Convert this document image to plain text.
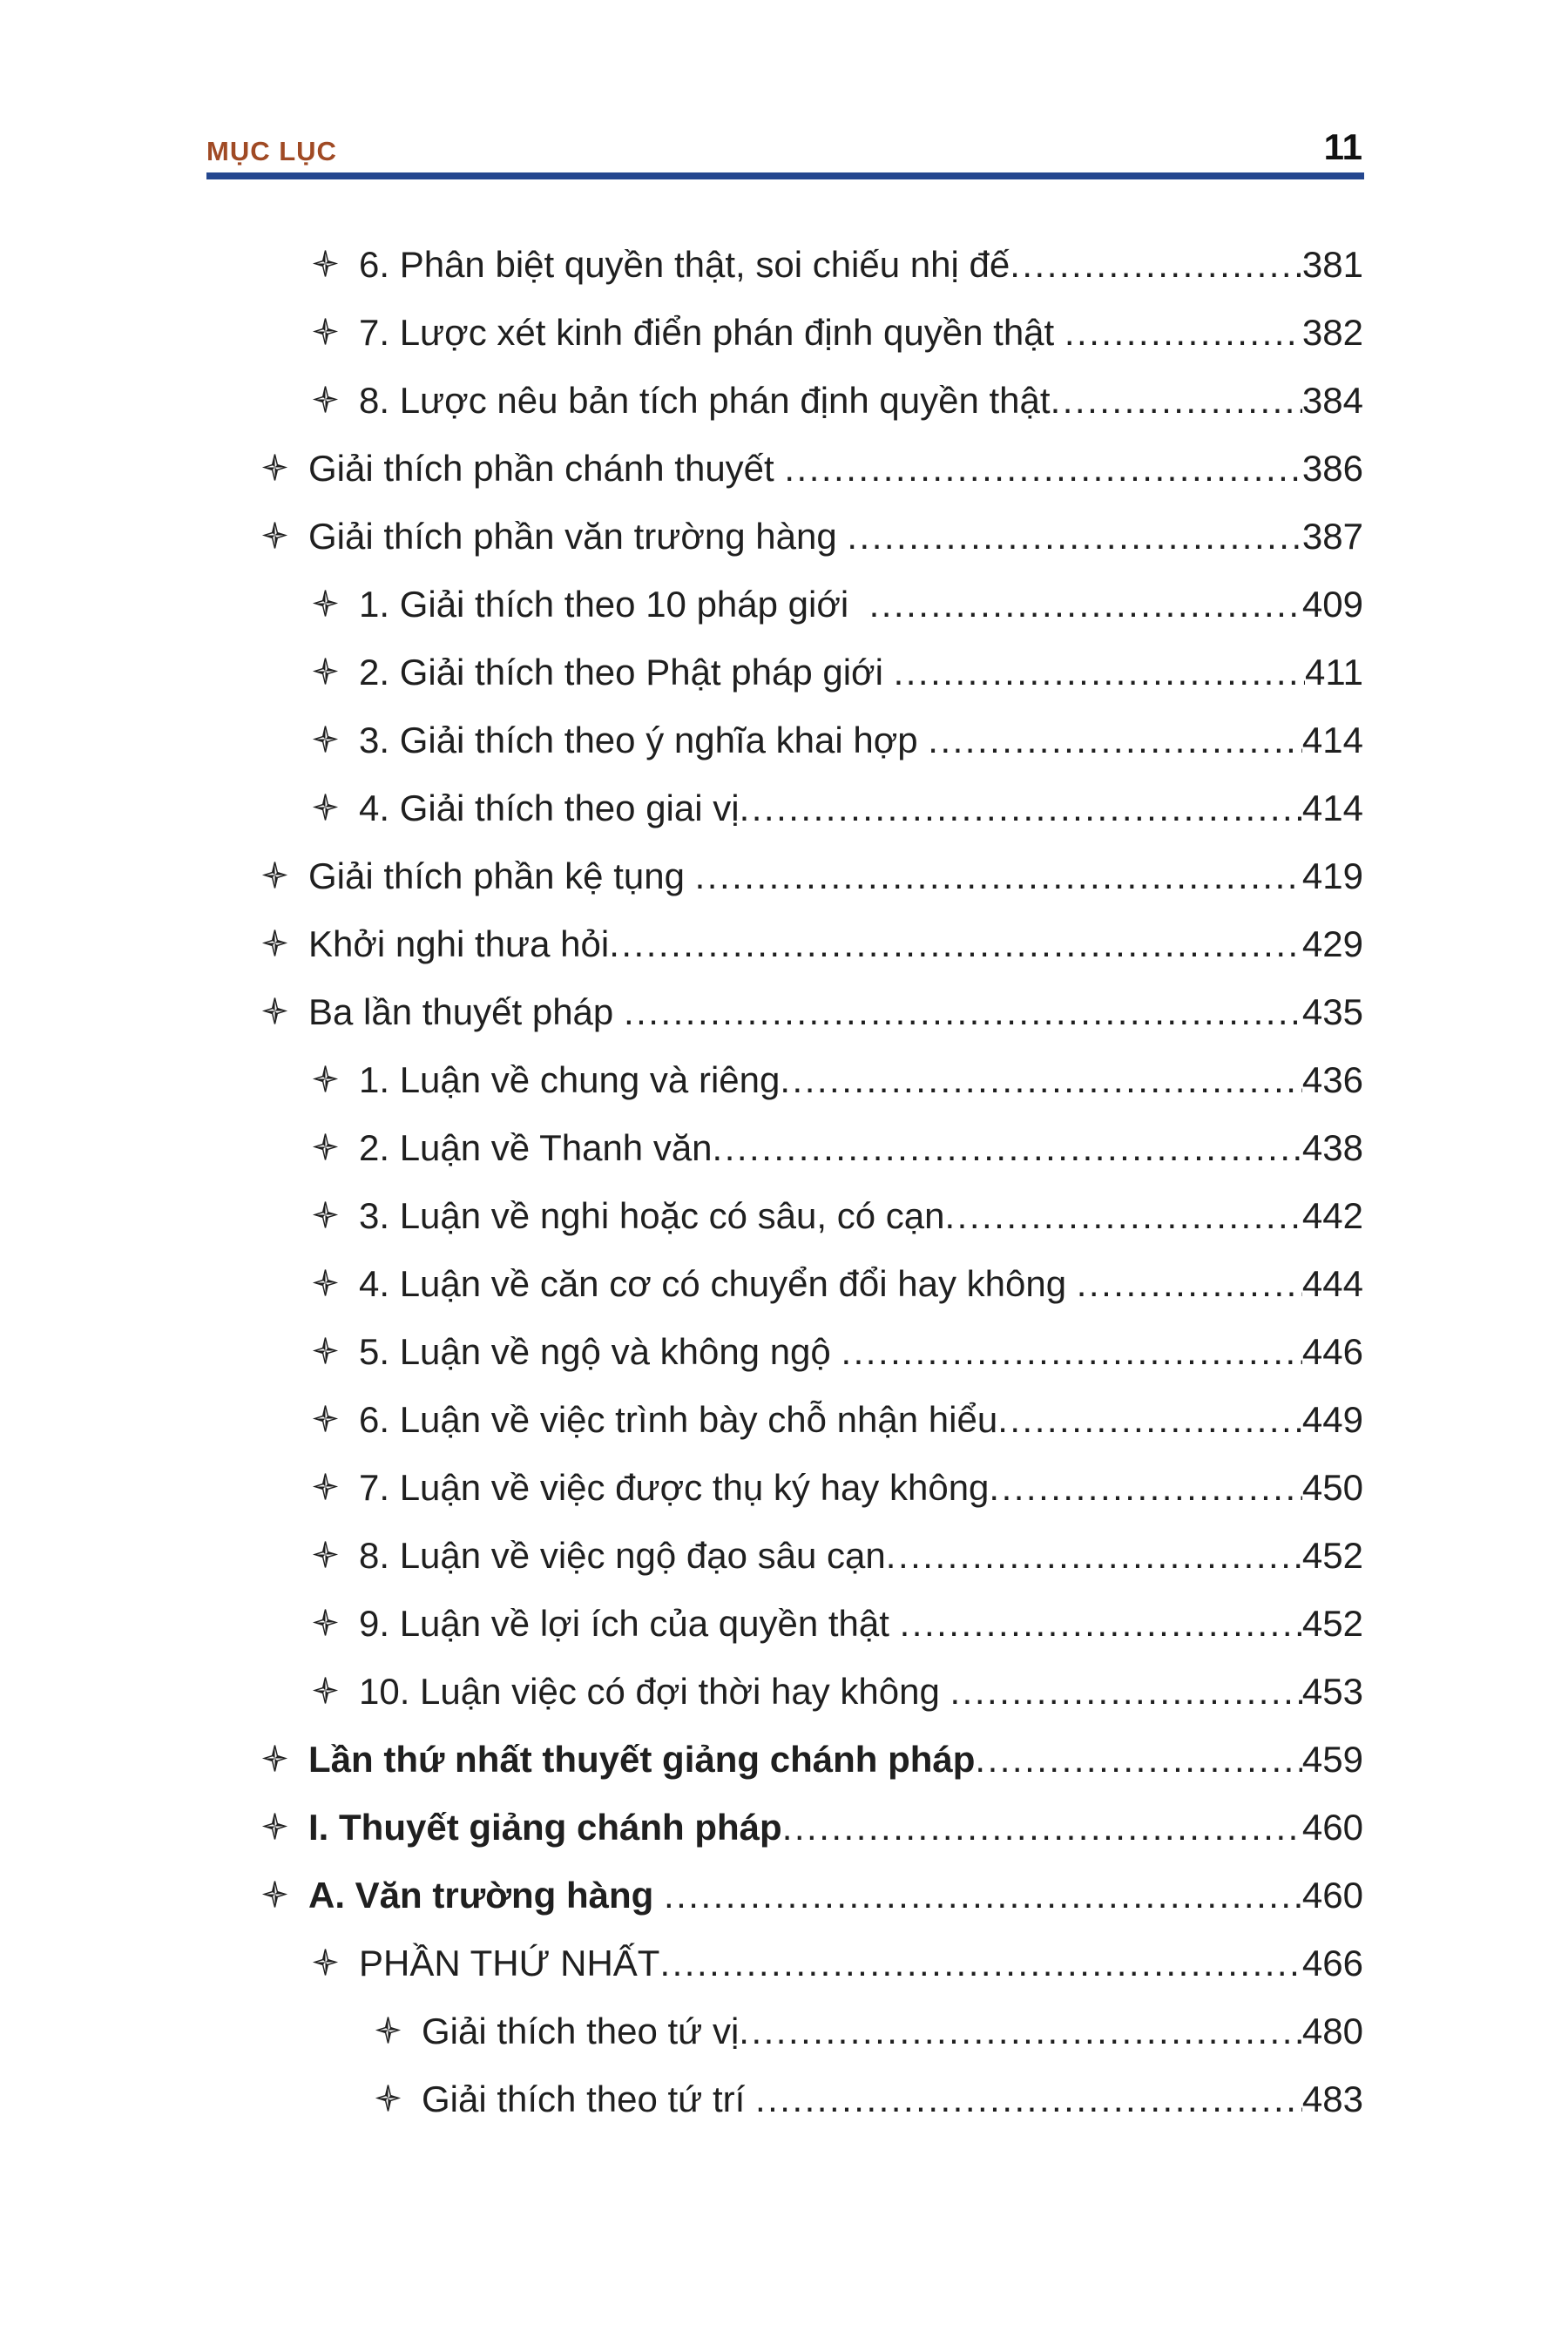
MỤC LỤC	11
6. Phân biệt quyền thật, soi chiếu nhị đế .....	381
7. Lược xét kinh điển phán định quyền thật .....	382
8. Lược nêu bản tích phán định quyền thật .....	384
Giải thích phần chánh thuyết .....	386
Giải thích phần văn trường hàng .....	387
1. Giải thích theo 10 pháp giới .....	409
2. Giải thích theo Phật pháp giới .....	411
3. Giải thích theo ý nghĩa khai hợp .....	414
4. Giải thích theo giai vị .....	414
Giải thích phần kệ tụng .....	419
Khởi nghi thưa hỏi .....	429
Ba lần thuyết pháp .....	435
1. Luận về chung và riêng .....	436
2. Luận về Thanh văn .....	438
3. Luận về nghi hoặc có sâu, có cạn .....	442
4. Luận về căn cơ có chuyển đổi hay không .....	444
5. Luận về ngộ và không ngộ .....	446
6. Luận về việc trình bày chỗ nhận hiểu .....	449
7. Luận về việc được thụ ký hay không .....	450
8. Luận về việc ngộ đạo sâu cạn .....	452
9. Luận về lợi ích của quyền thật .....	452
10. Luận việc có đợi thời hay không .....	453
Lần thứ nhất thuyết giảng chánh pháp .....	459
I. Thuyết giảng chánh pháp .....	460
A. Văn trường hàng .....	460
PHẦN THỨ NHẤT .....	466
Giải thích theo tứ vị .....	480
Giải thích theo tứ trí .....	483
